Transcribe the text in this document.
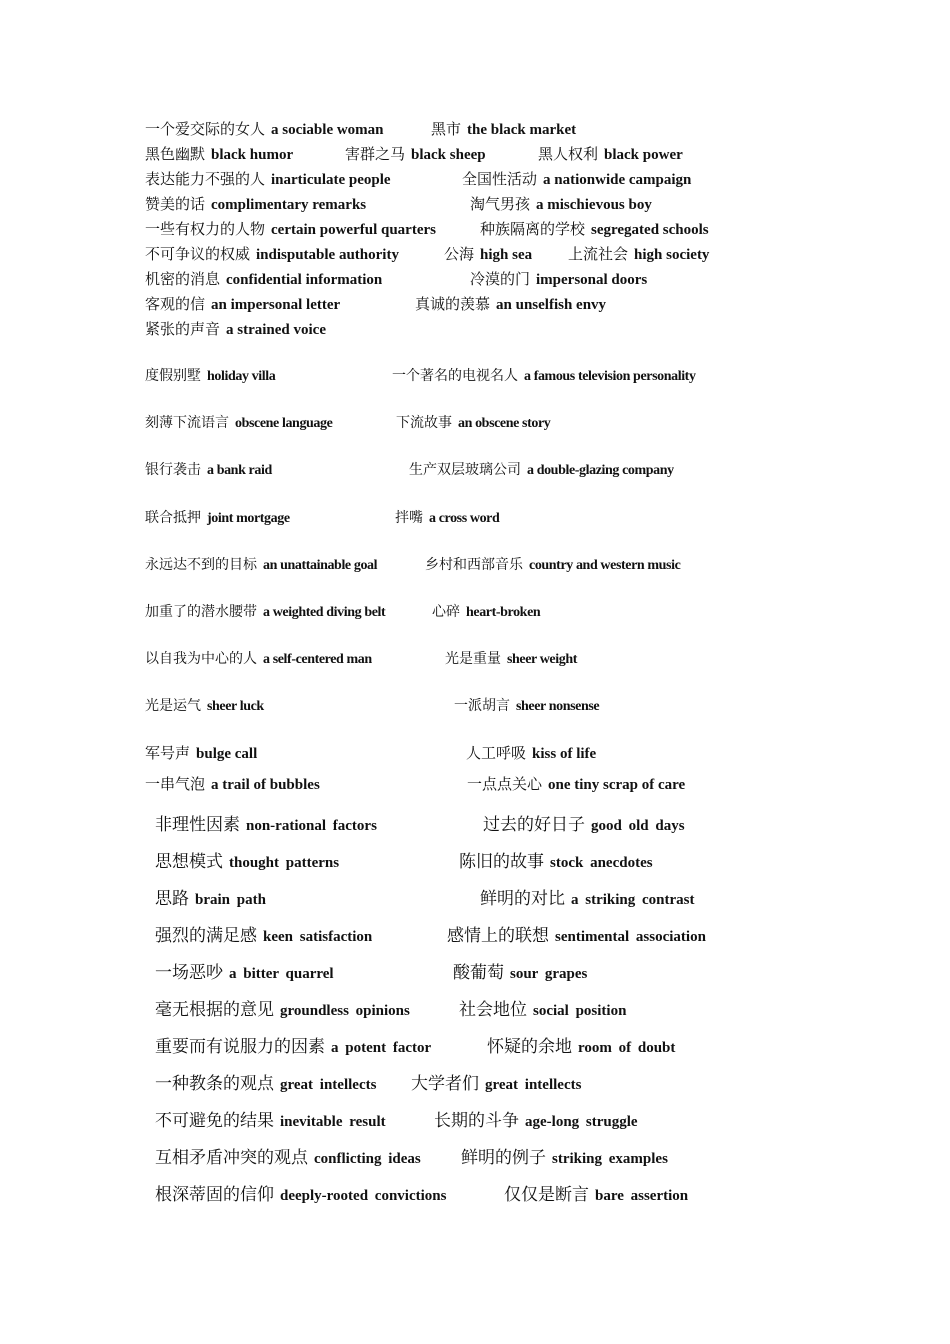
一个爱交际的女人 a sociable woman	黑市 the black market
黑色幽默 black humor	害群之马 black sheep	黑人权利 black power
表达能力不强的人 inarticulate people	全国性活动 a nationwide campaign
赞美的话 complimentary remarks	淘气男孩 a mischievous boy
一些有权力的人物 certain powerful quarters	种族隔离的学校 segregated schools
不可争议的权威 indisputable authority	公海 high sea 上流社会 high society
机密的消息 confidential information	冷漠的门 impersonal doors
客观的信 an impersonal letter	真诚的羡慕 an unselfish envy
紧张的声音 a strained voice
度假别墅 holiday villa	一个著名的电视名人 a famous television personality
刻薄下流语言 obscene language	下流故事 an obscene story
银行袭击 a bank raid	生产双层玻璃公司 a double-glazing company
联合抵押 joint mortgage	拌嘴 a cross word
永远达不到的目标 an unattainable goal	乡村和西部音乐 country and western music
加重了的潜水腰带 a weighted diving belt	心碎 heart-broken
以自我为中心的人 a self-centered man	光是重量 sheer weight
光是运气 sheer luck	一派胡言 sheer nonsense
军号声 bulge call	人工呼吸 kiss of life
一串气泡 a trail of bubbles	一点点关心 one tiny scrap of care
非理性因素 non-rational factors	过去的好日子 good old days
思想模式 thought patterns	陈旧的故事 stock anecdotes
思路 brain path	鲜明的对比 a striking contrast
强烈的满足感 keen satisfaction	感情上的联想 sentimental association
一场恶吵 a bitter quarrel	酸葡萄 sour grapes
毫无根据的意见 groundless opinions	社会地位 social position
重要而有说服力的因素 a potent factor	怀疑的余地 room of doubt
一种教条的观点 great intellects 大学者们 great intellects
不可避免的结果 inevitable result	长期的斗争 age-long struggle
互相矛盾冲突的观点 conflicting ideas 鲜明的例子 striking examples
根深蒂固的信仰 deeply-rooted convictions	仅仅是断言 bare assertion
